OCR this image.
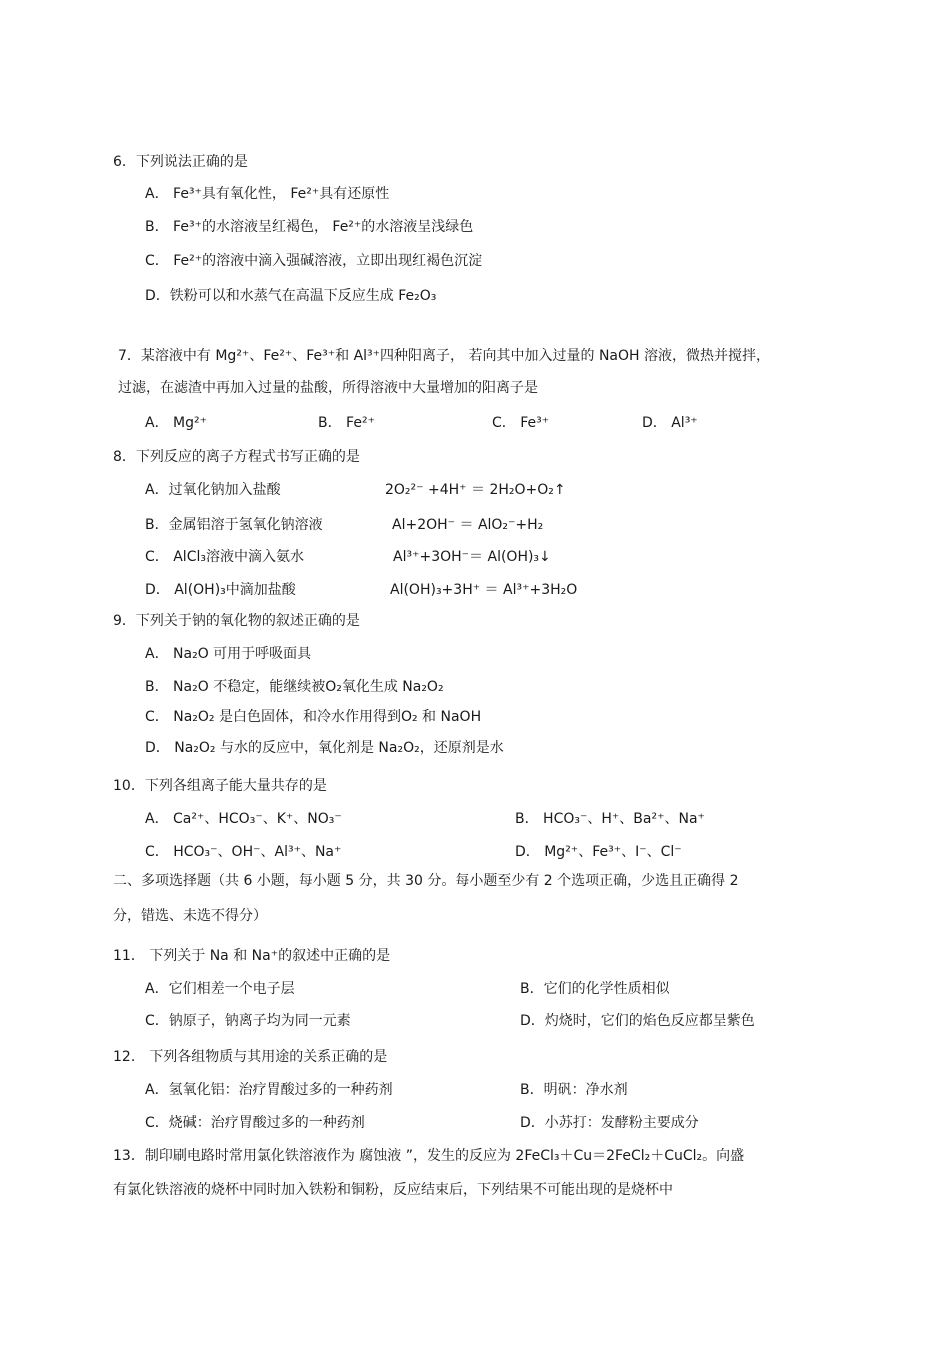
6．下列说法正确的是
A． Fe³⁺具有氧化性， Fe²⁺具有还原性
B． Fe³⁺的水溶液呈红褐色， Fe²⁺的水溶液呈浅绿色
C． Fe²⁺的溶液中滴入强碱溶液，立即出现红褐色沉淀
D．铁粉可以和水蒸气在高温下反应生成 Fe₂O₃
7．某溶液中有 Mg²⁺、Fe²⁺、Fe³⁺和 Al³⁺四种阳离子， 若向其中加入过量的 NaOH 溶液，微热并搅拌，
过滤，在滤渣中再加入过量的盐酸，所得溶液中大量增加的阳离子是
A． Mg²⁺	B． Fe²⁺	C． Fe³⁺	D． Al³⁺
8．下列反应的离子方程式书写正确的是
A．过氧化钠加入盐酸	2O₂²⁻ +4H⁺ ＝ 2H₂O+O₂↑
B．金属铝溶于氢氧化钠溶液	Al+2OH⁻ ＝ AlO₂⁻+H₂
C． AlCl₃溶液中滴入氨水	Al³⁺+3OH⁻＝ Al(OH)₃↓
D． Al(OH)₃中滴加盐酸	Al(OH)₃+3H⁺ ＝ Al³⁺+3H₂O
9．下列关于钠的氧化物的叙述正确的是
A． Na₂O 可用于呼吸面具
B． Na₂O 不稳定，能继续被O₂氧化生成 Na₂O₂
C． Na₂O₂ 是白色固体，和冷水作用得到O₂ 和 NaOH
D． Na₂O₂ 与水的反应中，氧化剂是 Na₂O₂，还原剂是水
10．下列各组离子能大量共存的是
A． Ca²⁺、HCO₃⁻、K⁺、NO₃⁻	B． HCO₃⁻、H⁺、Ba²⁺、Na⁺
C． HCO₃⁻、OH⁻、Al³⁺、Na⁺	D． Mg²⁺、Fe³⁺、I⁻、Cl⁻
二、多项选择题（共 6 小题，每小题 5 分，共 30 分。每小题至少有 2 个选项正确，少选且正确得 2
分，错选、未选不得分）
11． 下列关于 Na 和 Na⁺的叙述中正确的是
A．它们相差一个电子层	B．它们的化学性质相似
C．钠原子，钠离子均为同一元素	D．灼烧时，它们的焰色反应都呈紫色
12． 下列各组物质与其用途的关系正确的是
A．氢氧化铝：治疗胃酸过多的一种药剂	B．明矾：净水剂
C．烧碱：治疗胃酸过多的一种药剂	D．小苏打：发酵粉主要成分
13．制印刷电路时常用氯化铁溶液作为 腐蚀液 ”，发生的反应为 2FeCl₃＋Cu＝2FeCl₂＋CuCl₂。向盛
有氯化铁溶液的烧杯中同时加入铁粉和铜粉，反应结束后，下列结果不可能出现的是烧杯中
